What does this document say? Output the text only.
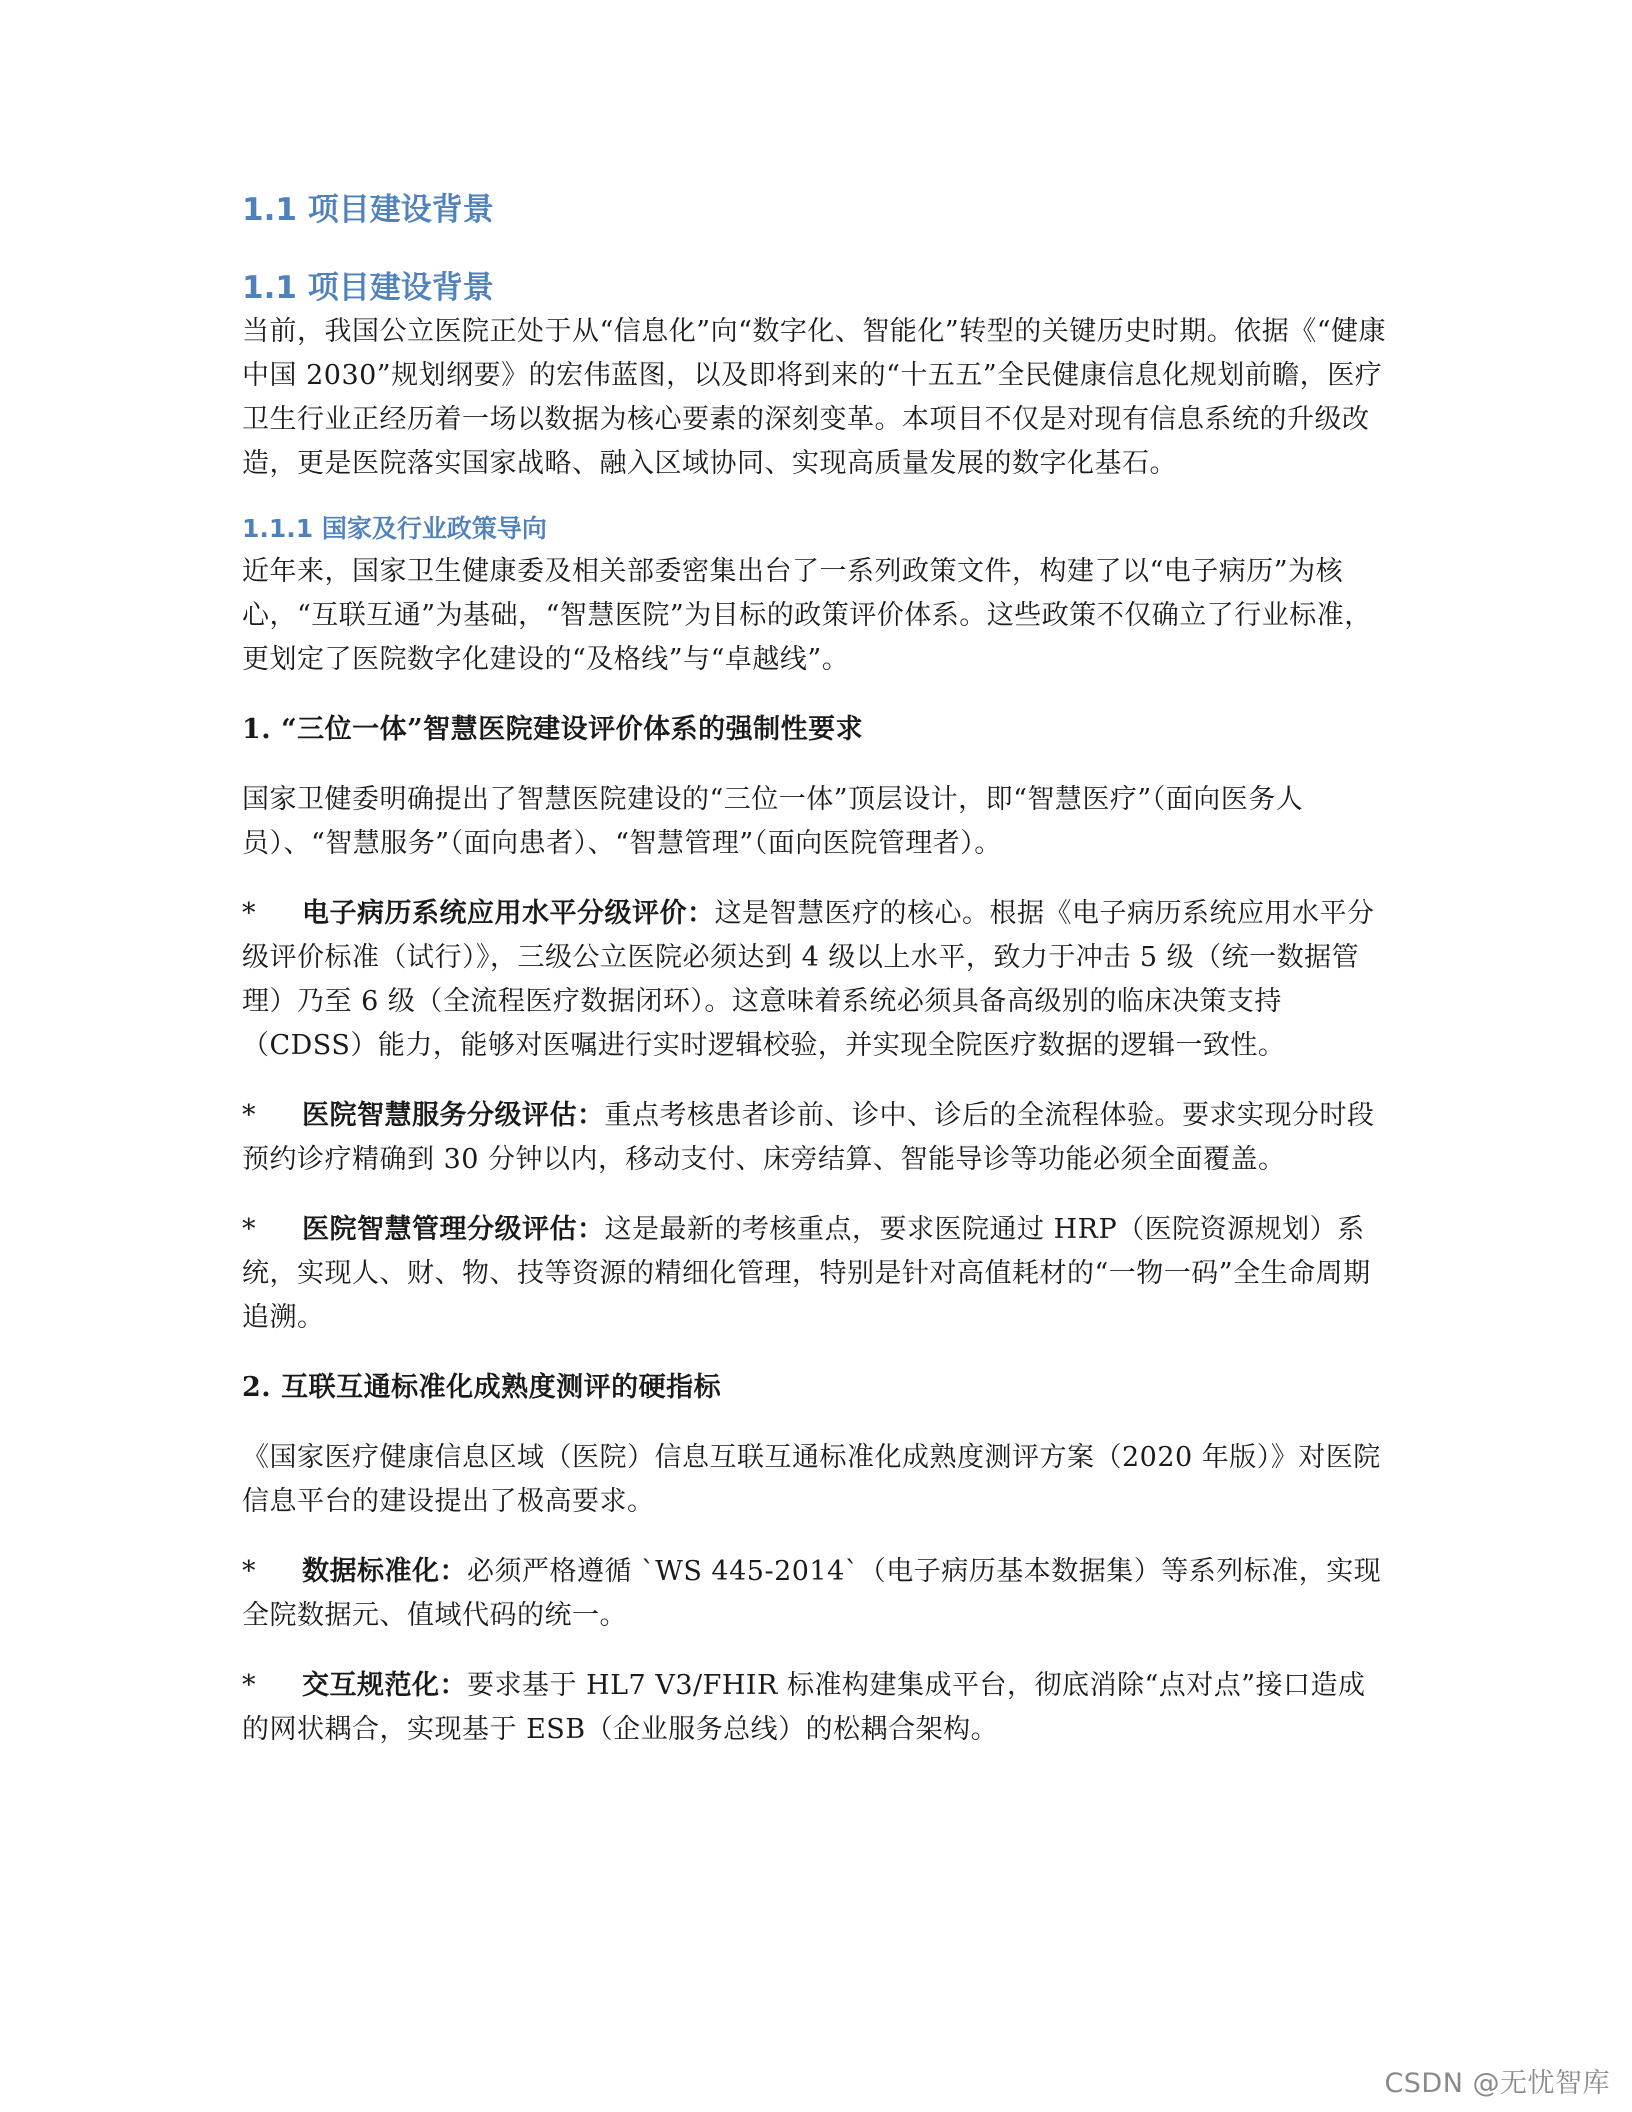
1.1 项目建设背景
1.1 项目建设背景

当前，我国公立医院正处于从“信息化”向“数字化、智能化”转型的关键历史时期。依据《“健康中国 2030”规划纲要》的宏伟蓝图，以及即将到来的“十五五”全民健康信息化规划前瞻，医疗卫生行业正经历着一场以数据为核心要素的深刻变革。本项目不仅是对现有信息系统的升级改造，更是医院落实国家战略、融入区域协同、实现高质量发展的数字化基石。

1.1.1 国家及行业政策导向

近年来，国家卫生健康委及相关部委密集出台了一系列政策文件，构建了以“电子病历”为核心，“互联互通”为基础，“智慧医院”为目标的政策评价体系。这些政策不仅确立了行业标准，更划定了医院数字化建设的“及格线”与“卓越线”。

1. “三位一体”智慧医院建设评价体系的强制性要求

国家卫健委明确提出了智慧医院建设的“三位一体”顶层设计，即“智慧医疗”（面向医务人员）、“智慧服务”（面向患者）、“智慧管理”（面向医院管理者）。

* 电子病历系统应用水平分级评价：这是智慧医疗的核心。根据《电子病历系统应用水平分级评价标准（试行）》，三级公立医院必须达到 4 级以上水平，致力于冲击 5 级（统一数据管理）乃至 6 级（全流程医疗数据闭环）。这意味着系统必须具备高级别的临床决策支持（CDSS）能力，能够对医嘱进行实时逻辑校验，并实现全院医疗数据的逻辑一致性。

* 医院智慧服务分级评估：重点考核患者诊前、诊中、诊后的全流程体验。要求实现分时段预约诊疗精确到 30 分钟以内，移动支付、床旁结算、智能导诊等功能必须全面覆盖。

* 医院智慧管理分级评估：这是最新的考核重点，要求医院通过 HRP（医院资源规划）系统，实现人、财、物、技等资源的精细化管理，特别是针对高值耗材的“一物一码”全生命周期追溯。

2. 互联互通标准化成熟度测评的硬指标

《国家医疗健康信息区域（医院）信息互联互通标准化成熟度测评方案（2020 年版）》对医院信息平台的建设提出了极高要求。

* 数据标准化：必须严格遵循 `WS 445-2014`（电子病历基本数据集）等系列标准，实现全院数据元、值域代码的统一。

* 交互规范化：要求基于 HL7 V3/FHIR 标准构建集成平台，彻底消除“点对点”接口造成的网状耦合，实现基于 ESB（企业服务总线）的松耦合架构。

CSDN @无忧智库
